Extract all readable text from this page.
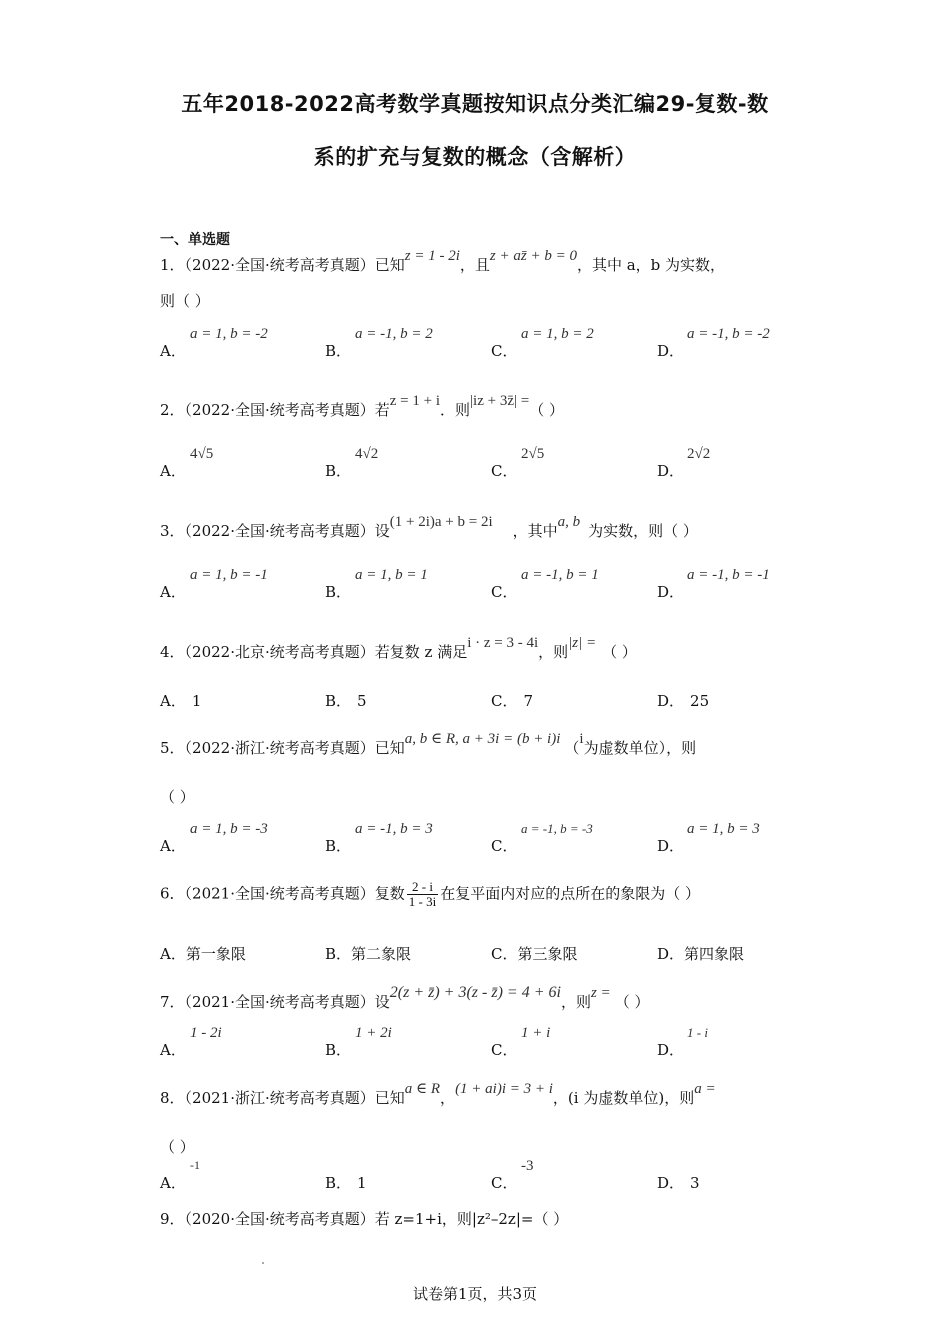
五年2018-2022高考数学真题按知识点分类汇编29-复数-数
系的扩充与复数的概念（含解析）
一、单选题
1．（2022·全国·统考高考真题）已知z = 1 - 2i，且z + az̄ + b = 0，其中 a，b 为实数，
则（ ）
A．
a = 1, b = -2
B．
a = -1, b = 2
C．
a = 1, b = 2
D．
a = -1, b = -2
2．（2022·全国·统考高考真题）若z = 1 + i．则|iz + 3z̄| =（ ）
A．
4√5
B．
4√2
C．
2√5
D．
2√2
3．（2022·全国·统考高考真题）设(1 + 2i)a + b = 2i ，其中a, b 为实数，则（ ）
A．
a = 1, b = -1
B．
a = 1, b = 1
C．
a = -1, b = 1
D．
a = -1, b = -1
4．（2022·北京·统考高考真题）若复数 z 满足i · z = 3 - 4i，则|z| = （ ）
A． 1	B． 5	C． 7	D． 25
5．（2022·浙江·统考高考真题）已知a, b ∈ R, a + 3i = (b + i)i （i为虚数单位），则
（ ）
A．
a = 1, b = -3
B．
a = -1, b = 3
C．
a = -1, b = -3
D．
a = 1, b = 3
6．（2021·全国·统考高考真题）复数 $\frac{2 - i}{1 - 3i}$ 在复平面内对应的点所在的象限为（ ）
A．第一象限	B．第二象限	C．第三象限	D．第四象限
7．（2021·全国·统考高考真题）设2(z + z̄) + 3(z - z̄) = 4 + 6i，则z = （ ）
A．
1 - 2i
B．
1 + 2i
C．
1 + i
D．
1 - i
8．（2021·浙江·统考高考真题）已知a ∈ R，(1 + ai)i = 3 + i，(i 为虚数单位)，则a =
（ ）
A．
-1
B． 1	C．
-3
D． 3
9．（2020·全国·统考高考真题）若 z=1+i，则|z²–2z|=（ ）
试卷第1页，共3页
